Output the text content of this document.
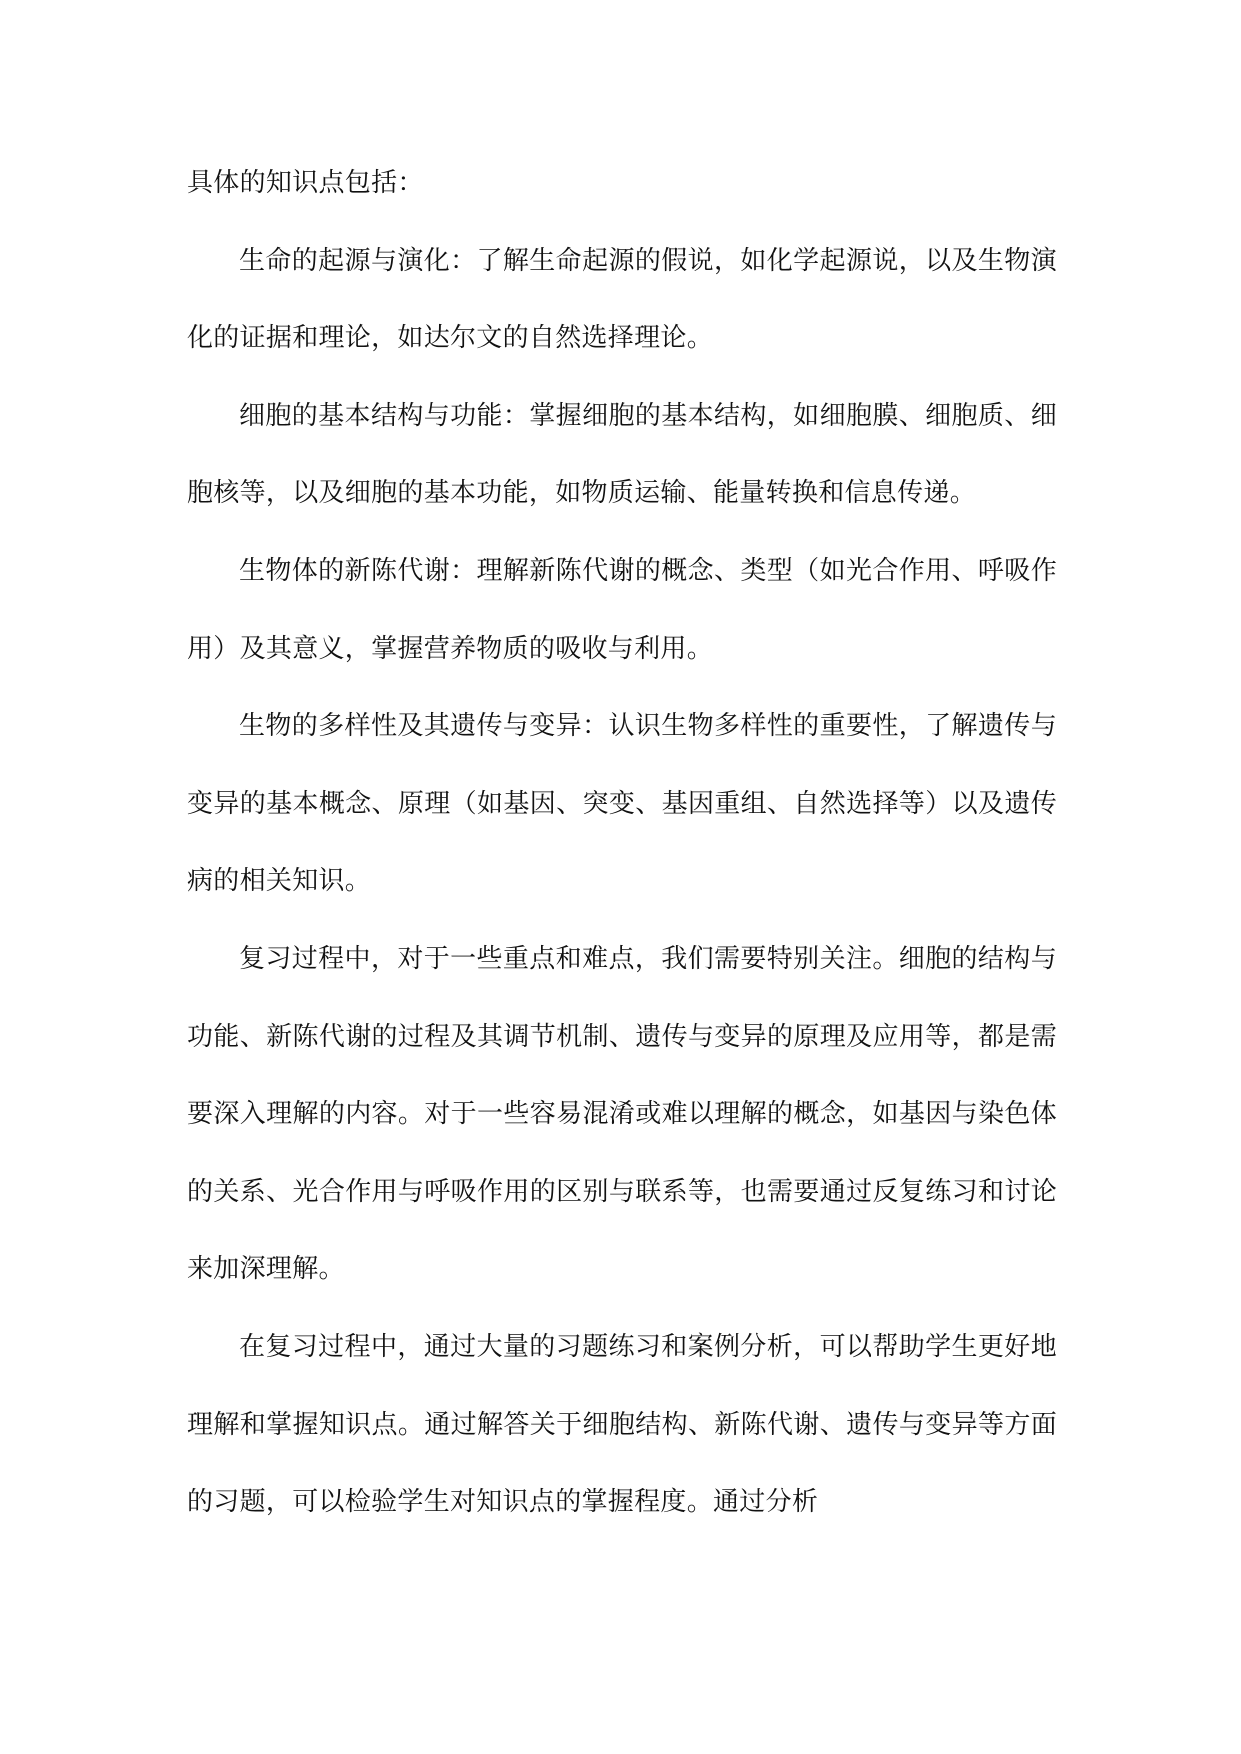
具体的知识点包括：

生命的起源与演化：了解生命起源的假说，如化学起源说，以及生物演化的证据和理论，如达尔文的自然选择理论。

细胞的基本结构与功能：掌握细胞的基本结构，如细胞膜、细胞质、细胞核等，以及细胞的基本功能，如物质运输、能量转换和信息传递。

生物体的新陈代谢：理解新陈代谢的概念、类型（如光合作用、呼吸作用）及其意义，掌握营养物质的吸收与利用。

生物的多样性及其遗传与变异：认识生物多样性的重要性，了解遗传与变异的基本概念、原理（如基因、突变、基因重组、自然选择等）以及遗传病的相关知识。

复习过程中，对于一些重点和难点，我们需要特别关注。细胞的结构与功能、新陈代谢的过程及其调节机制、遗传与变异的原理及应用等，都是需要深入理解的内容。对于一些容易混淆或难以理解的概念，如基因与染色体的关系、光合作用与呼吸作用的区别与联系等，也需要通过反复练习和讨论来加深理解。

在复习过程中，通过大量的习题练习和案例分析，可以帮助学生更好地理解和掌握知识点。通过解答关于细胞结构、新陈代谢、遗传与变异等方面的习题，可以检验学生对知识点的掌握程度。通过分析
